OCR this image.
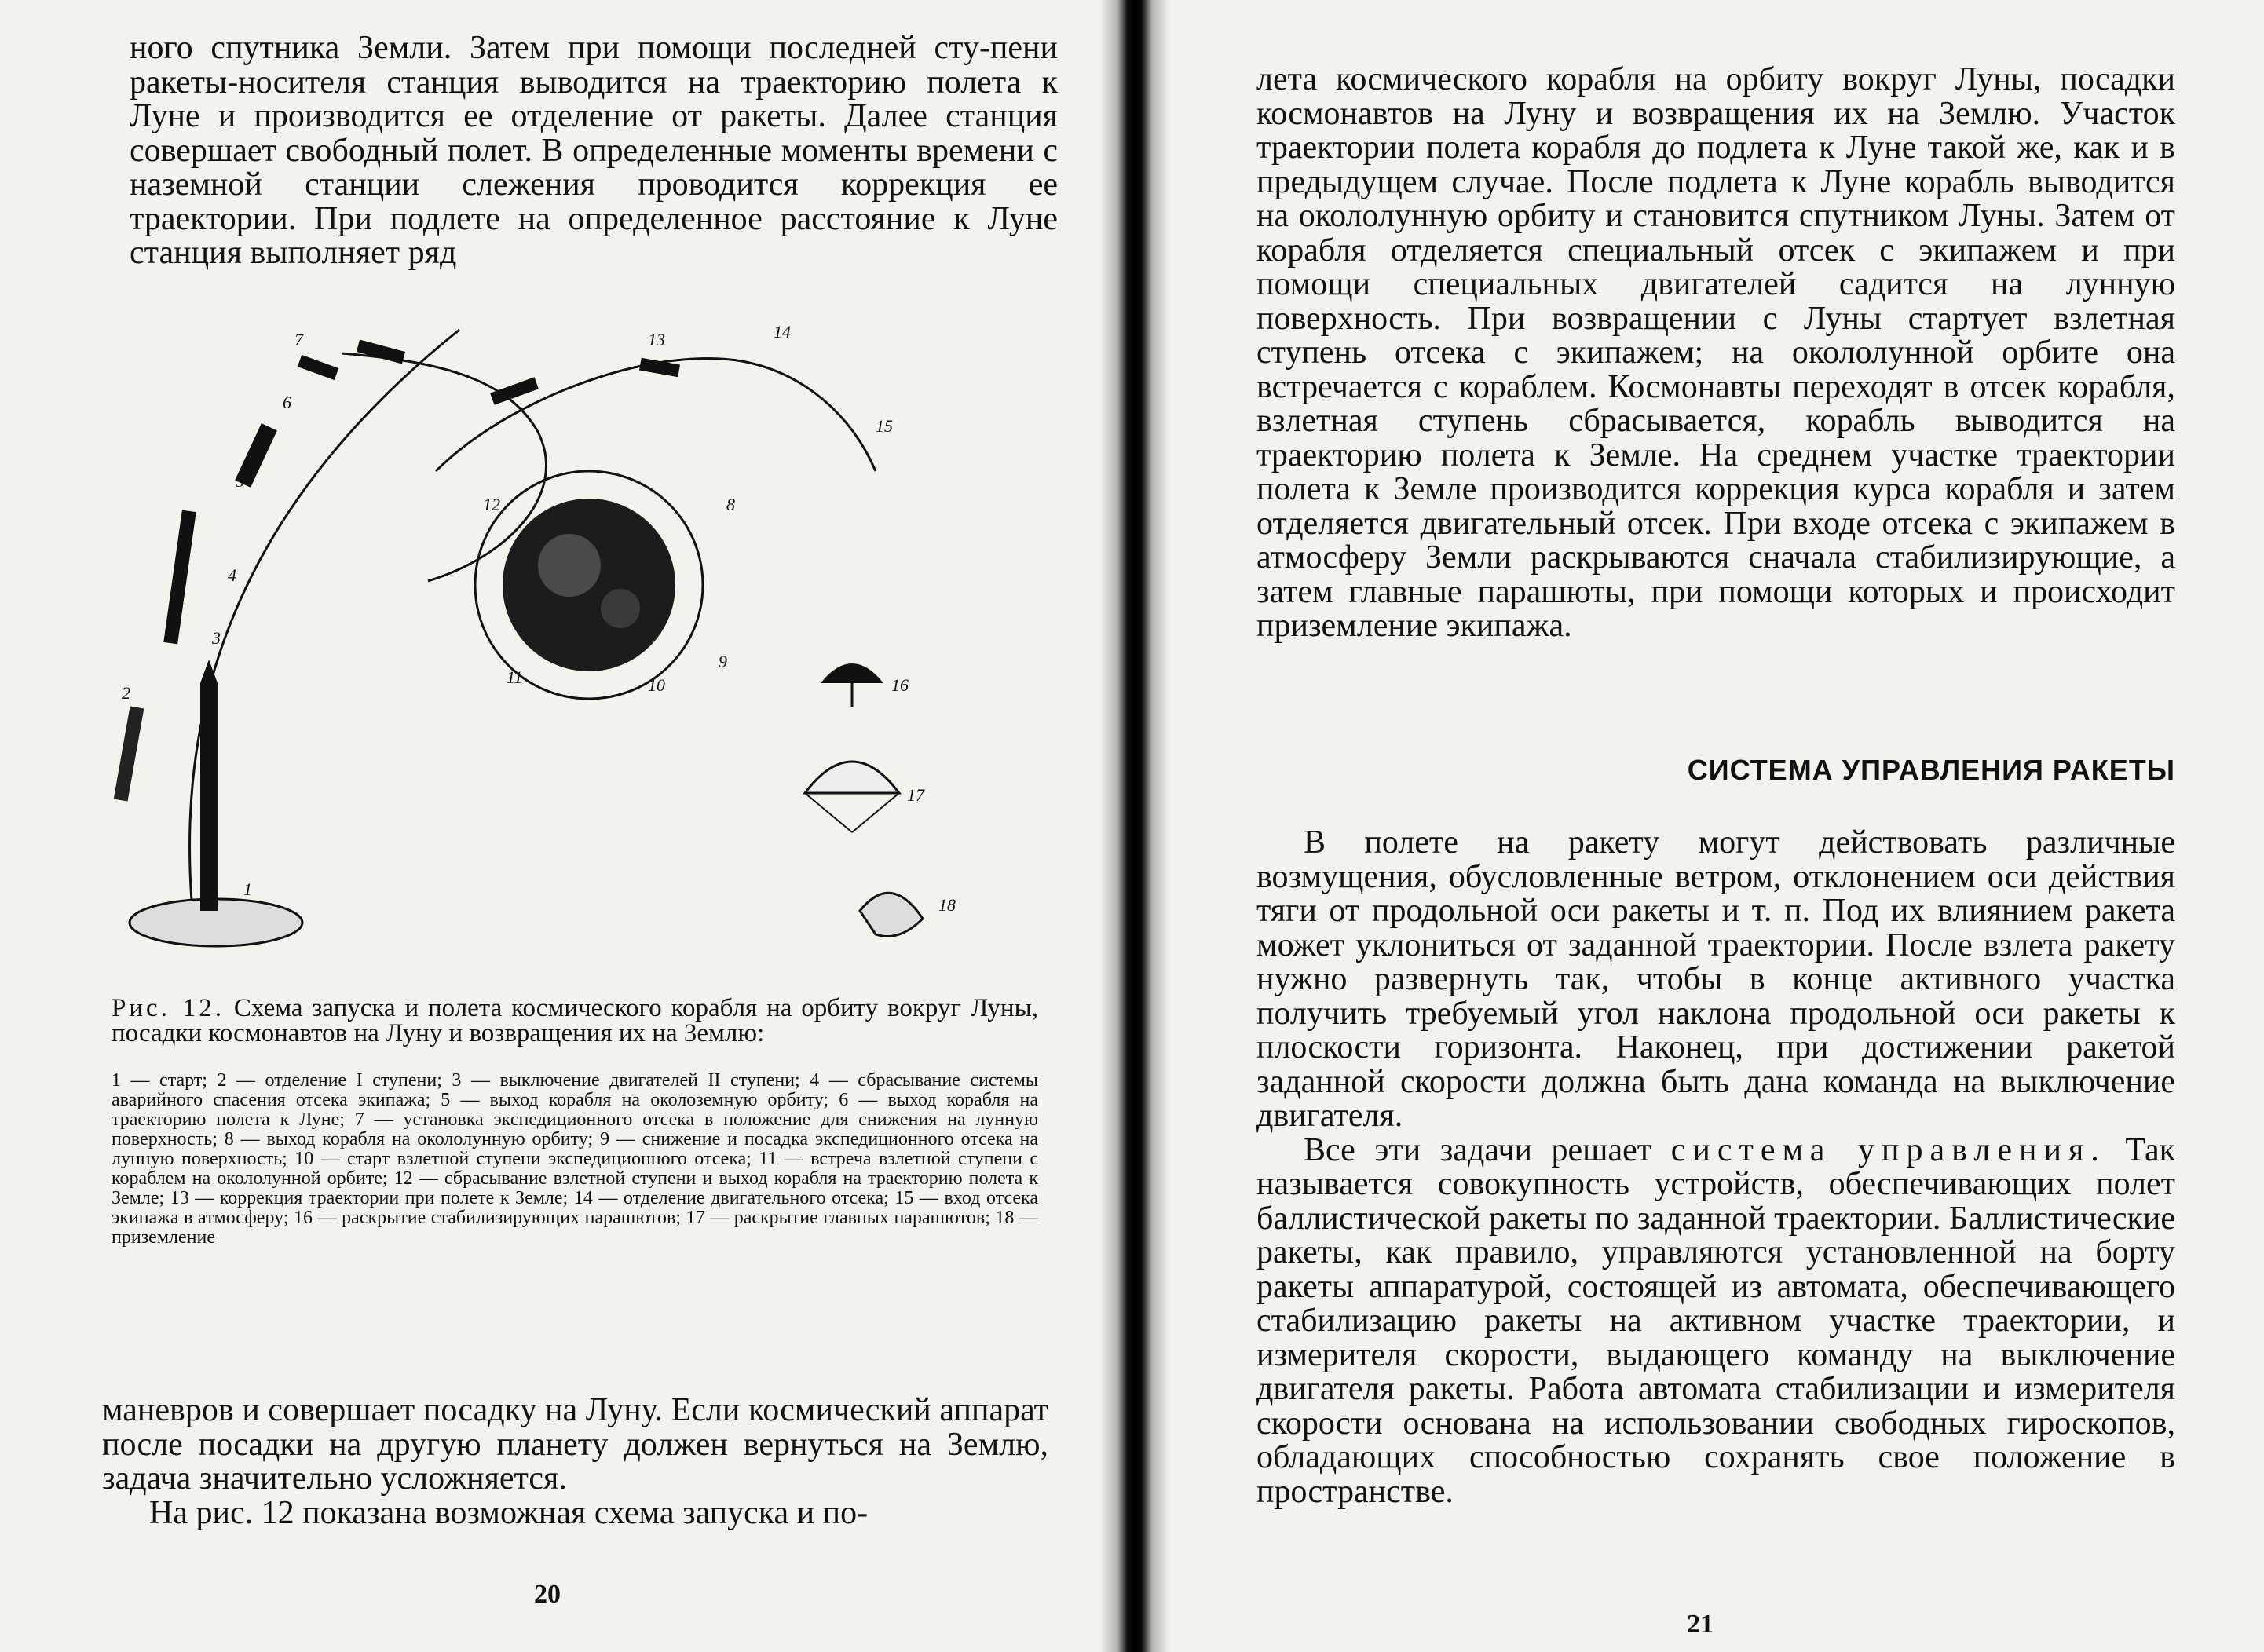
ного спутника Земли. Затем при помощи последней сту-пени ракеты-носителя станция выводится на траекторию полета к Луне и производится ее отделение от ракеты. Далее станция совершает свободный полет. В определенные моменты времени с наземной станции слежения проводится коррекция ее траектории. При подлете на определенное расстояние к Луне станция выполняет ряд

1
2
3
4
5
6
7
8
9
10
11
12
13	14
15
16
17
18
Рис. 12. Схема запуска и полета космического корабля на орбиту вокруг Луны, посадки космонавтов на Луну и возвращения их на Землю:
1 — старт; 2 — отделение I ступени; 3 — выключение двигателей II ступени; 4 — сбрасывание системы аварийного спасения отсека экипажа; 5 — выход корабля на околоземную орбиту; 6 — выход корабля на траекторию полета к Луне; 7 — установка экспедиционного отсека в положение для снижения на лунную поверхность; 8 — выход корабля на окололунную орбиту; 9 — снижение и посадка экспедиционного отсека на лунную поверхность; 10 — старт взлетной ступени экспедиционного отсека; 11 — встреча взлетной ступени с кораблем на окололунной орбите; 12 — сбрасывание взлетной ступени и выход корабля на траекторию полета к Земле; 13 — коррекция траектории при полете к Земле; 14 — отделение двигательного отсека; 15 — вход отсека экипажа в атмосферу; 16 — раскрытие стабилизирующих парашютов; 17 — раскрытие главных парашютов; 18 — приземление

маневров и совершает посадку на Луну. Если космический аппарат после посадки на другую планету должен вернуться на Землю, задача значительно усложняется.

На рис. 12 показана возможная схема запуска и по-

20

лета космического корабля на орбиту вокруг Луны, посадки космонавтов на Луну и возвращения их на Землю. Участок траектории полета корабля до подлета к Луне такой же, как и в предыдущем случае. После подлета к Луне корабль выводится на окололунную орбиту и становится спутником Луны. Затем от корабля отделяется специальный отсек с экипажем и при помощи специальных двигателей садится на лунную поверхность. При возвращении с Луны стартует взлетная ступень отсека с экипажем; на окололунной орбите она встречается с кораблем. Космонавты переходят в отсек корабля, взлетная ступень сбрасывается, корабль выводится на траекторию полета к Земле. На среднем участке траектории полета к Земле производится коррекция курса корабля и затем отделяется двигательный отсек. При входе отсека с экипажем в атмосферу Земли раскрываются сначала стабилизирующие, а затем главные парашюты, при помощи которых и происходит приземление экипажа.

СИСТЕМА УПРАВЛЕНИЯ РАКЕТЫ

В полете на ракету могут действовать различные возмущения, обусловленные ветром, отклонением оси действия тяги от продольной оси ракеты и т. п. Под их влиянием ракета может уклониться от заданной траектории. После взлета ракету нужно развернуть так, чтобы в конце активного участка получить требуемый угол наклона продольной оси ракеты к плоскости горизонта. Наконец, при достижении ракетой заданной скорости должна быть дана команда на выключение двигателя.

Все эти задачи решает система управления. Так называется совокупность устройств, обеспечивающих полет баллистической ракеты по заданной траектории. Баллистические ракеты, как правило, управляются установленной на борту ракеты аппаратурой, состоящей из автомата, обеспечивающего стабилизацию ракеты на активном участке траектории, и измерителя скорости, выдающего команду на выключение двигателя ракеты. Работа автомата стабилизации и измерителя скорости основана на использовании свободных гироскопов, обладающих способностью сохранять свое положение в пространстве.

21
